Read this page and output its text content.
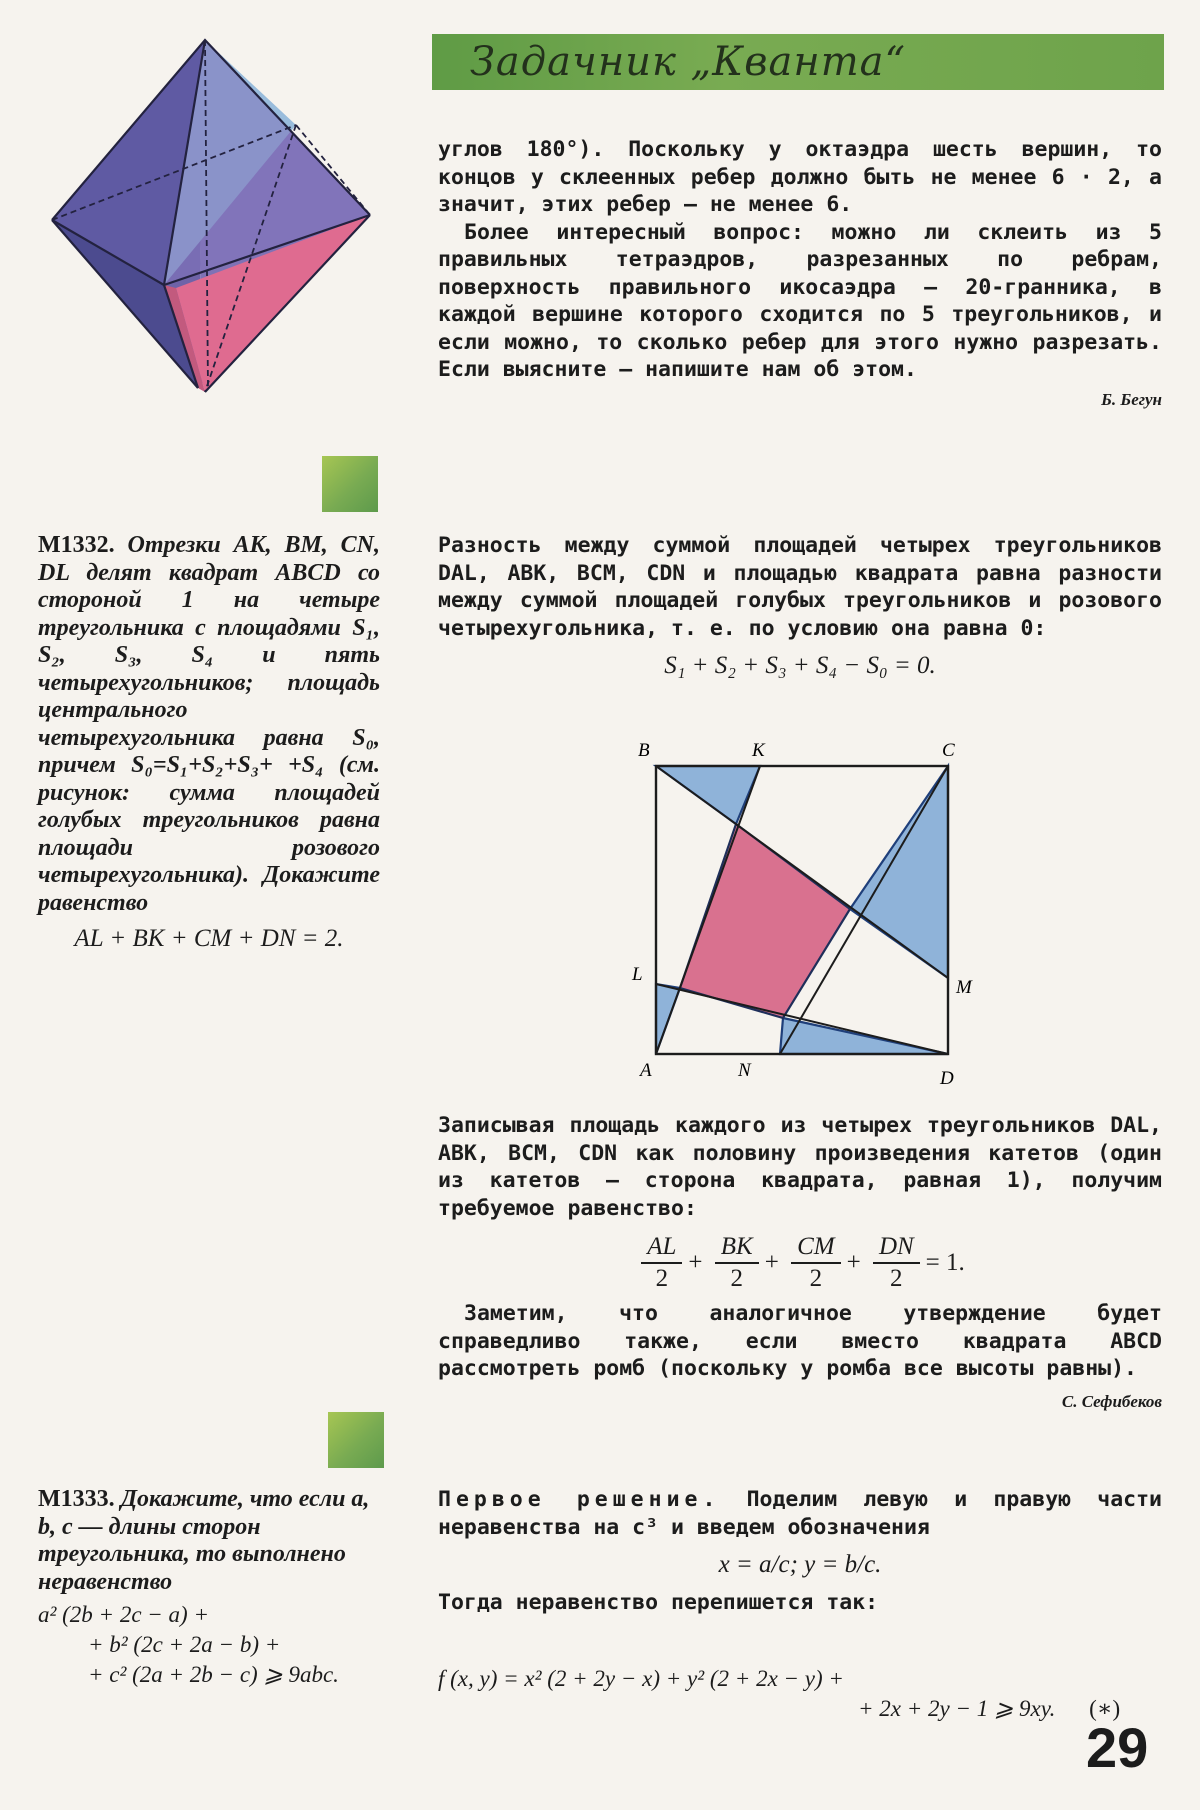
Задачник „Кванта“

углов 180°). Поскольку у октаэдра шесть вершин, то концов у склеенных ребер должно быть не менее 6 · 2, а значит, этих ребер — не менее 6.

Более интересный вопрос: можно ли склеить из 5 правильных тетраэдров, разрезанных по ребрам, поверхность правильного икосаэдра — 20-гранника, в каждой вершине которого сходится по 5 треугольников, и если можно, то сколько ребер для этого нужно разрезать. Если выясните — напишите нам об этом.

Б. Бегун

М1332. Отрезки AK, BM, CN, DL делят квадрат ABCD со стороной 1 на четыре треугольника с площадями S₁, S₂, S₃, S₄ и пять четырехугольников; площадь центрального четырехугольника равна S₀, причем S₀=S₁+S₂+S₃+ +S₄ (см. рисунок: сумма площадей голубых треугольников равна площади розового четырехугольника). Докажите равенство

AL + BK + CM + DN = 2.

Разность между суммой площадей четырех треугольников DAL, ABK, BCM, CDN и площадью квадрата равна разности между суммой площадей голубых треугольников и розового четырехугольника, т. е. по условию она равна 0:

S₁ + S₂ + S₃ + S₄ − S₀ = 0.
B	K	C
L
M
A	N	D

Записывая площадь каждого из четырех треугольников DAL, ABK, BCM, CDN как половину произведения катетов (один из катетов — сторона квадрата, равная 1), получим требуемое равенство:

$\frac{AL}{2} + \frac{BK}{2} + \frac{CM}{2} + \frac{DN}{2} = 1$.

Заметим, что аналогичное утверждение будет справедливо также, если вместо квадрата ABCD рассмотреть ромб (поскольку у ромба все высоты равны).

С. Сефибеков

М1333. Докажите, что если a, b, c — длины сторон треугольника, то выполнено неравенство

a² (2b + 2c − a) +
+ b² (2c + 2a − b) +
+ c² (2a + 2b − c) ⩾ 9abc.

Первое решение. Поделим левую и правую части неравенства на c³ и введем обозначения

x = a/c; y = b/c.

Тогда неравенство перепишется так:

f (x, y) = x² (2 + 2y − x) + y² (2 + 2x − y) +
+ 2x + 2y − 1 ⩾ 9xy. (∗)
29
